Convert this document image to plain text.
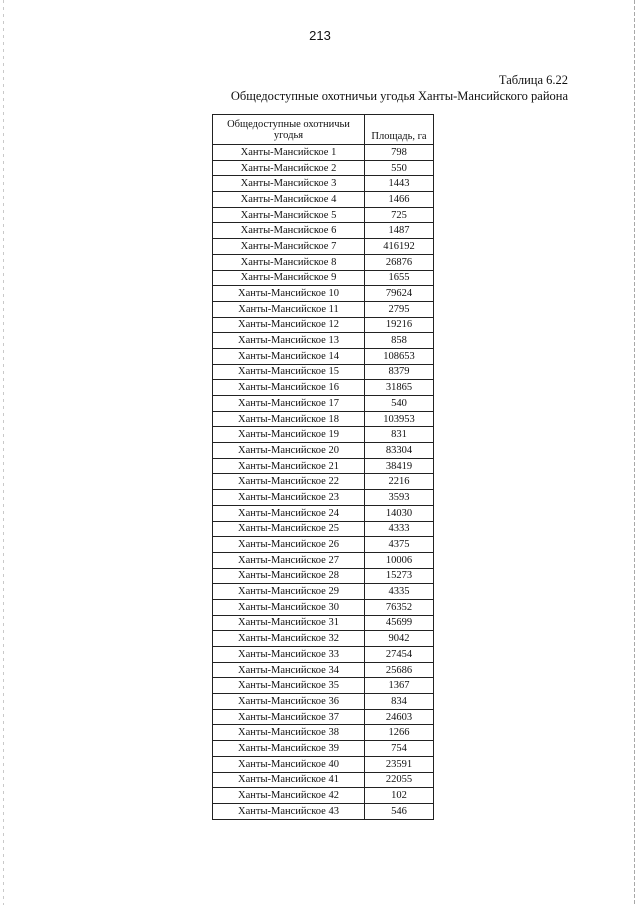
213
Таблица 6.22
Общедоступные охотничьи угодья Ханты-Мансийского района
Общедоступные охотничьи угодья	Площадь, га
Ханты-Мансийское 1	798
Ханты-Мансийское 2	550
Ханты-Мансийское 3	1443
Ханты-Мансийское 4	1466
Ханты-Мансийское 5	725
Ханты-Мансийское 6	1487
Ханты-Мансийское 7	416192
Ханты-Мансийское 8	26876
Ханты-Мансийское 9	1655
Ханты-Мансийское 10	79624
Ханты-Мансийское 11	2795
Ханты-Мансийское 12	19216
Ханты-Мансийское 13	858
Ханты-Мансийское 14	108653
Ханты-Мансийское 15	8379
Ханты-Мансийское 16	31865
Ханты-Мансийское 17	540
Ханты-Мансийское 18	103953
Ханты-Мансийское 19	831
Ханты-Мансийское 20	83304
Ханты-Мансийское 21	38419
Ханты-Мансийское 22	2216
Ханты-Мансийское 23	3593
Ханты-Мансийское 24	14030
Ханты-Мансийское 25	4333
Ханты-Мансийское 26	4375
Ханты-Мансийское 27	10006
Ханты-Мансийское 28	15273
Ханты-Мансийское 29	4335
Ханты-Мансийское 30	76352
Ханты-Мансийское 31	45699
Ханты-Мансийское 32	9042
Ханты-Мансийское 33	27454
Ханты-Мансийское 34	25686
Ханты-Мансийское 35	1367
Ханты-Мансийское 36	834
Ханты-Мансийское 37	24603
Ханты-Мансийское 38	1266
Ханты-Мансийское 39	754
Ханты-Мансийское 40	23591
Ханты-Мансийское 41	22055
Ханты-Мансийское 42	102
Ханты-Мансийское 43	546
